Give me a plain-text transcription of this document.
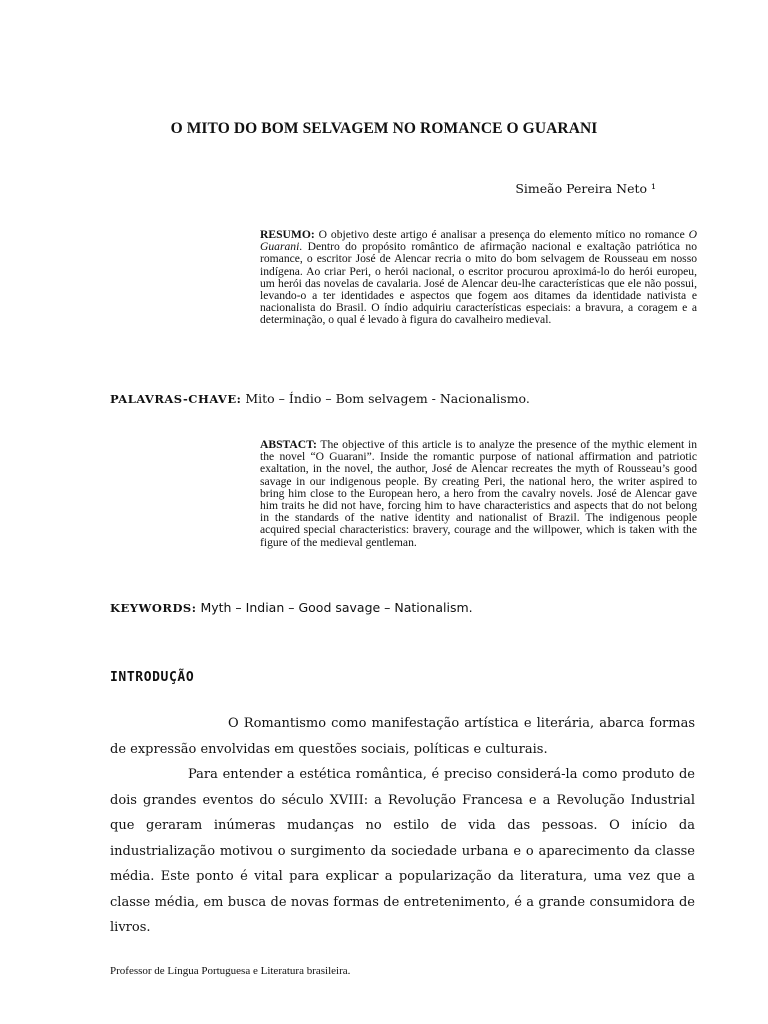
O MITO DO BOM SELVAGEM NO ROMANCE O GUARANI
Simeão Pereira Neto ¹
RESUMO: O objetivo deste artigo é analisar a presença do elemento mítico no romance O Guarani. Dentro do propósito romântico de afirmação nacional e exaltação patriótica no romance, o escritor José de Alencar recria o mito do bom selvagem de Rousseau em nosso indígena. Ao criar Peri, o herói nacional, o escritor procurou aproximá-lo do herói europeu, um herói das novelas de cavalaria. José de Alencar deu-lhe características que ele não possui, levando-o a ter identidades e aspectos que fogem aos ditames da identidade nativista e nacionalista do Brasil. O índio adquiriu características especiais: a bravura, a coragem e a determinação, o qual é levado à figura do cavalheiro medieval.
PALAVRAS-CHAVE: Mito – Índio – Bom selvagem - Nacionalismo.
ABSTACT: The objective of this article is to analyze the presence of the mythic element in the novel “O Guarani”. Inside the romantic purpose of national affirmation and patriotic exaltation, in the novel, the author, José de Alencar recreates the myth of Rousseau’s good savage in our indigenous people. By creating Peri, the national hero, the writer aspired to bring him close to the European hero, a hero from the cavalry novels. José de Alencar gave him traits he did not have, forcing him to have characteristics and aspects that do not belong in the standards of the native identity and nationalist of Brazil. The indigenous people acquired special characteristics: bravery, courage and the willpower, which is taken with the figure of the medieval gentleman.
KEYWORDS: Myth – Indian – Good savage – Nationalism.
INTRODUÇÃO
O Romantismo como manifestação artística e literária, abarca formas de expressão envolvidas em questões sociais, políticas e culturais.
Para entender a estética romântica, é preciso considerá-la como produto de dois grandes eventos do século XVIII: a Revolução Francesa e a Revolução Industrial que geraram inúmeras mudanças no estilo de vida das pessoas. O início da industrialização motivou o surgimento da sociedade urbana e o aparecimento da classe média. Este ponto é vital para explicar a popularização da literatura, uma vez que a classe média, em busca de novas formas de entretenimento, é a grande consumidora de livros.
Professor de Língua Portuguesa e Literatura brasileira.
